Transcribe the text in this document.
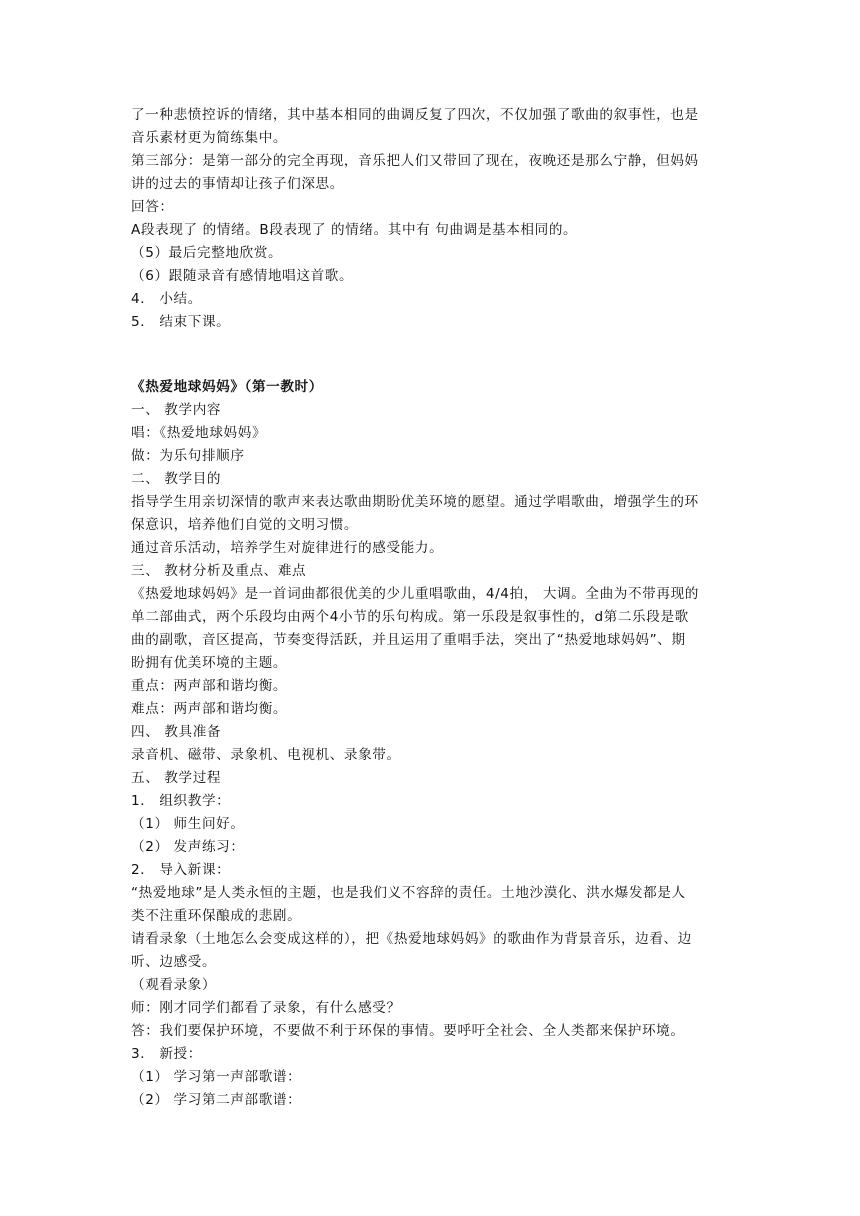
了一种悲愤控诉的情绪，其中基本相同的曲调反复了四次，不仅加强了歌曲的叙事性，也是
音乐素材更为简练集中。
第三部分：是第一部分的完全再现，音乐把人们又带回了现在，夜晚还是那么宁静，但妈妈
讲的过去的事情却让孩子们深思。
回答：
A段表现了 的情绪。B段表现了 的情绪。其中有 句曲调是基本相同的。
（5）最后完整地欣赏。
（6）跟随录音有感情地唱这首歌。
4． 小结。
5． 结束下课。
《热爱地球妈妈》（第一教时）
一、 教学内容
唱：《热爱地球妈妈》
做：为乐句排顺序
二、 教学目的
指导学生用亲切深情的歌声来表达歌曲期盼优美环境的愿望。通过学唱歌曲，增强学生的环
保意识，培养他们自觉的文明习惯。
通过音乐活动，培养学生对旋律进行的感受能力。
三、 教材分析及重点、难点
《热爱地球妈妈》是一首词曲都很优美的少儿重唱歌曲，4/4拍， 大调。全曲为不带再现的
单二部曲式，两个乐段均由两个4小节的乐句构成。第一乐段是叙事性的，d第二乐段是歌
曲的副歌，音区提高，节奏变得活跃，并且运用了重唱手法，突出了“热爱地球妈妈”、期
盼拥有优美环境的主题。
重点：两声部和谐均衡。
难点：两声部和谐均衡。
四、 教具准备
录音机、磁带、录象机、电视机、录象带。
五、 教学过程
1． 组织教学：
（1） 师生问好。
（2） 发声练习：
2． 导入新课：
“热爱地球”是人类永恒的主题，也是我们义不容辞的责任。土地沙漠化、洪水爆发都是人
类不注重环保酿成的悲剧。
请看录象（土地怎么会变成这样的），把《热爱地球妈妈》的歌曲作为背景音乐，边看、边
听、边感受。
（观看录象）
师：刚才同学们都看了录象，有什么感受？
答：我们要保护环境，不要做不利于环保的事情。要呼吁全社会、全人类都来保护环境。
3． 新授：
（1） 学习第一声部歌谱：
（2） 学习第二声部歌谱：
